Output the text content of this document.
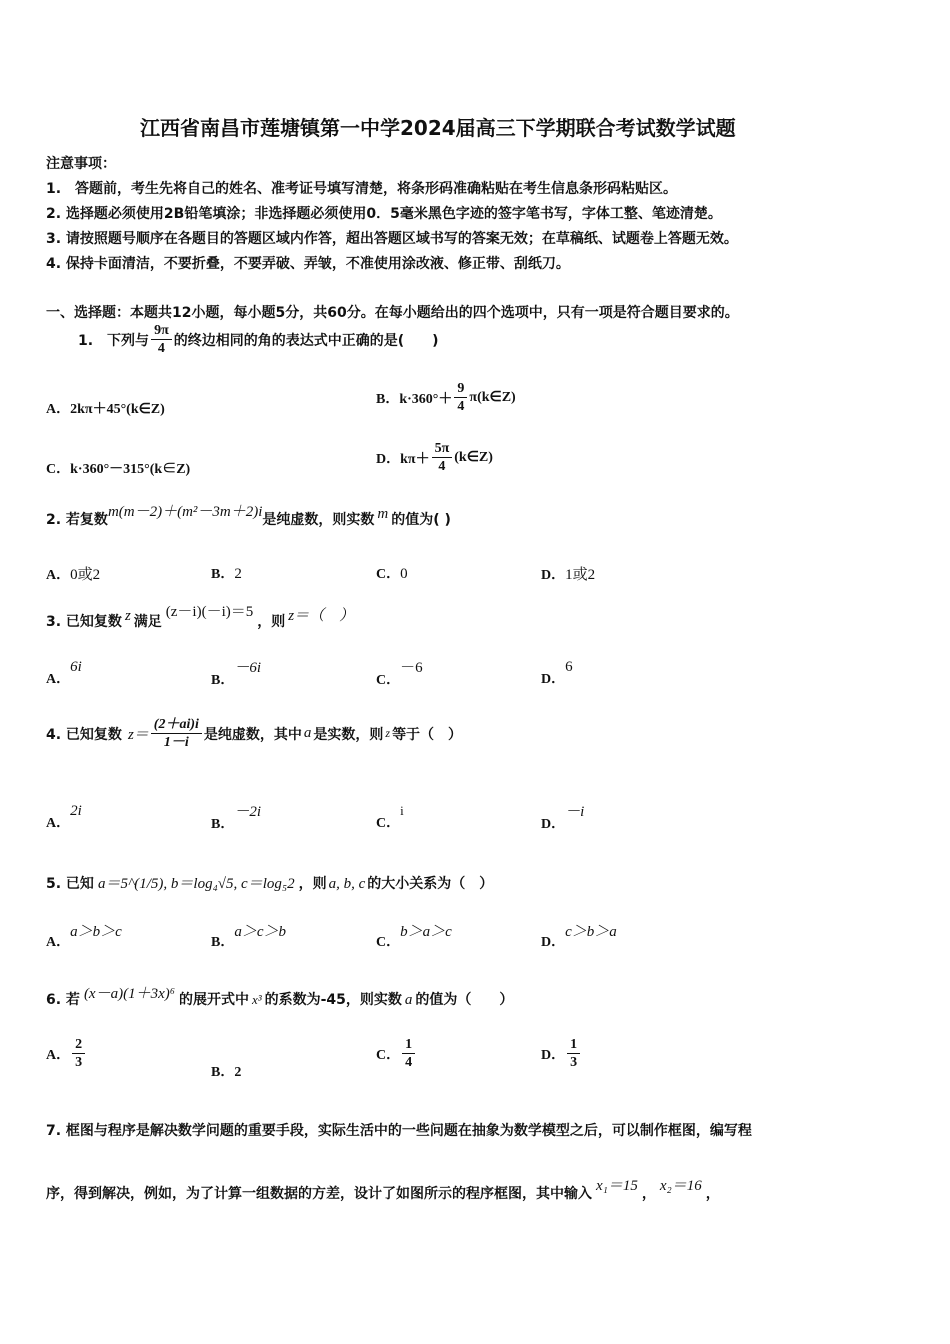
江西省南昌市莲塘镇第一中学2024届高三下学期联合考试数学试题
注意事项：
1.　答题前，考生先将自己的姓名、准考证号填写清楚，将条形码准确粘贴在考生信息条形码粘贴区。
2. 选择题必须使用2B铅笔填涂；非选择题必须使用0．5毫米黑色字迹的签字笔书写，字体工整、笔迹清楚。
3. 请按照题号顺序在各题目的答题区域内作答，超出答题区域书写的答案无效；在草稿纸、试题卷上答题无效。
4. 保持卡面清洁，不要折叠，不要弄破、弄皱，不准使用涂改液、修正带、刮纸刀。
一、选择题：本题共12小题，每小题5分，共60分。在每小题给出的四个选项中，只有一项是符合题目要求的。
1.　下列与 $\frac{9\pi}{4}$ 的终边相同的角的表达式中正确的是(　　)
A．2kπ＋45°(k∈Z)
B．$k\cdot 360^\circ+ \frac{9}{4}$ π(k∈Z)
C．k·360°－315°(k∈Z)
D．$k\pi+ \frac{5\pi}{4}$ (k∈Z)
2. 若复数m(m－2)＋(m²－3m＋2)i是纯虚数，则实数 m 的值为( )
A．0或2	B．2	C．0	D．1或2
3. 已知复数 z 满足(z－i)(－i)＝5，则 z＝（　）
A．6i
B．－6i
C．－6
D．6
4. 已知复数 $z= \frac{(2+ai)i}{1-i}$ 是纯虚数，其中 a 是实数，则 z 等于（　）
A．2i
B．－2i
C．i
D．－i
5. 已知 a＝5^(1/5), b＝log₄√5, c＝log₅2 ，则 a, b, c 的大小关系为（　）
A．a＞b＞c
B．a＞c＞b
C．b＞a＞c
D．c＞b＞a
6. 若 (x－a)(1＋3x)⁶ 的展开式中 x³ 的系数为-45，则实数 a 的值为（　　）
A． $\frac{2}{3}$
B．2
C． $\frac{1}{4}$	D． $\frac{1}{3}$
7. 框图与程序是解决数学问题的重要手段，实际生活中的一些问题在抽象为数学模型之后，可以制作框图，编写程
序，得到解决，例如，为了计算一组数据的方差，设计了如图所示的程序框图，其中输入 x₁＝15 ， x₂＝16 ，
